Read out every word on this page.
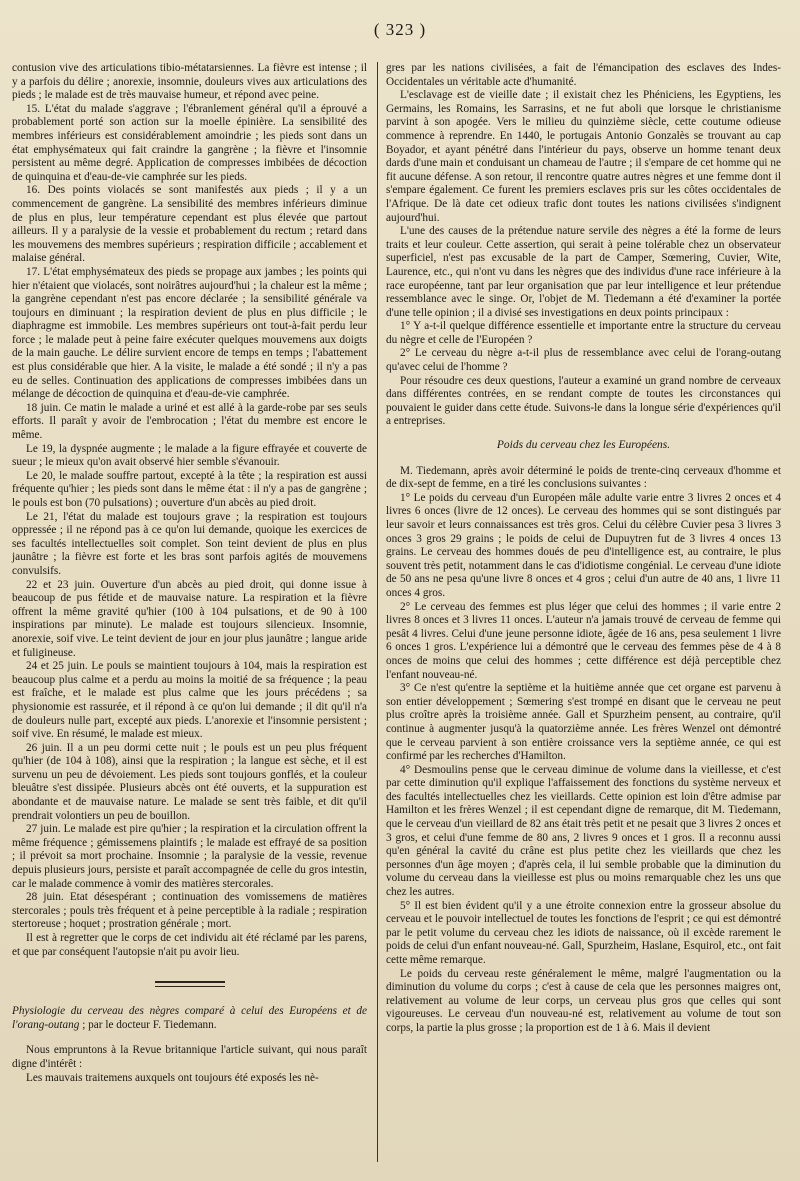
( 323 )

contusion vive des articulations tibio-métatarsiennes. La fièvre est intense ; il y a parfois du délire ; anorexie, insomnie, douleurs vives aux articulations des pieds ; le malade est de très mauvaise humeur, et répond avec peine.

15. L'état du malade s'aggrave ; l'ébranlement général qu'il a éprouvé a probablement porté son action sur la moelle épinière. La sensibilité des membres inférieurs est considérablement amoindrie ; les pieds sont dans un état emphysémateux qui fait craindre la gangrène ; la fièvre et l'insomnie persistent au même degré. Application de compresses imbibées de décoction de quinquina et d'eau-de-vie camphrée sur les pieds.

16. Des points violacés se sont manifestés aux pieds ; il y a un commencement de gangrène. La sensibilité des membres inférieurs diminue de plus en plus, leur température cependant est plus élevée que partout ailleurs. Il y a paralysie de la vessie et probablement du rectum ; retard dans les mouvemens des membres supérieurs ; respiration difficile ; accablement et malaise général.

17. L'état emphysémateux des pieds se propage aux jambes ; les points qui hier n'étaient que violacés, sont noirâtres aujourd'hui ; la chaleur est la même ; la gangrène cependant n'est pas encore déclarée ; la sensibilité générale va toujours en diminuant ; la respiration devient de plus en plus difficile ; le diaphragme est immobile. Les membres supérieurs ont tout-à-fait perdu leur force ; le malade peut à peine faire exécuter quelques mouvemens aux doigts de la main gauche. Le délire survient encore de temps en temps ; l'abattement est plus considérable que hier. A la visite, le malade a été sondé ; il n'y a pas eu de selles. Continuation des applications de compresses imbibées dans un mélange de décoction de quinquina et d'eau-de-vie camphrée.

18 juin. Ce matin le malade a uriné et est allé à la garde-robe par ses seuls efforts. Il paraît y avoir de l'embrocation ; l'état du membre est encore le même.

Le 19, la dyspnée augmente ; le malade a la figure effrayée et couverte de sueur ; le mieux qu'on avait observé hier semble s'évanouir.

Le 20, le malade souffre partout, excepté à la tête ; la respiration est aussi fréquente qu'hier ; les pieds sont dans le même état : il n'y a pas de gangrène ; le pouls est bon (70 pulsations) ; ouverture d'un abcès au pied droit.

Le 21, l'état du malade est toujours grave ; la respiration est toujours oppressée ; il ne répond pas à ce qu'on lui demande, quoique les exercices de ses facultés intellectuelles soit complet. Son teint devient de plus en plus jaunâtre ; la fièvre est forte et les bras sont parfois agités de mouvemens convulsifs.

22 et 23 juin. Ouverture d'un abcès au pied droit, qui donne issue à beaucoup de pus fétide et de mauvaise nature. La respiration et la fièvre offrent la même gravité qu'hier (100 à 104 pulsations, et de 90 à 100 inspirations par minute). Le malade est toujours silencieux. Insomnie, anorexie, soif vive. Le teint devient de jour en jour plus jaunâtre ; langue aride et fuligineuse.

24 et 25 juin. Le pouls se maintient toujours à 104, mais la respiration est beaucoup plus calme et a perdu au moins la moitié de sa fréquence ; la peau est fraîche, et le malade est plus calme que les jours précédens ; sa physionomie est rassurée, et il répond à ce qu'on lui demande ; il dit qu'il n'a de douleurs nulle part, excepté aux pieds. L'anorexie et l'insomnie persistent ; soif vive. En résumé, le malade est mieux.

26 juin. Il a un peu dormi cette nuit ; le pouls est un peu plus fréquent qu'hier (de 104 à 108), ainsi que la respiration ; la langue est sèche, et il est survenu un peu de dévoiement. Les pieds sont toujours gonflés, et la couleur bleuâtre s'est dissipée. Plusieurs abcès ont été ouverts, et la suppuration est abondante et de mauvaise nature. Le malade se sent très faible, et dit qu'il prendrait volontiers un peu de bouillon.

27 juin. Le malade est pire qu'hier ; la respiration et la circulation offrent la même fréquence ; gémissemens plaintifs ; le malade est effrayé de sa position ; il prévoit sa mort prochaine. Insomnie ; la paralysie de la vessie, revenue depuis plusieurs jours, persiste et paraît accompagnée de celle du gros intestin, car le malade commence à vomir des matières stercorales.

28 juin. Etat désespérant ; continuation des vomissemens de matières stercorales ; pouls très fréquent et à peine perceptible à la radiale ; respiration stertoreuse ; hoquet ; prostration générale ; mort.

Il est à regretter que le corps de cet individu ait été réclamé par les parens, et que par conséquent l'autopsie n'ait pu avoir lieu.

Physiologie du cerveau des nègres comparé à celui des Européens et de l'orang-outang ; par le docteur F. Tiedemann.

Nous empruntons à la Revue britannique l'article suivant, qui nous paraît digne d'intérêt :

Les mauvais traitemens auxquels ont toujours été exposés les nè-

gres par les nations civilisées, a fait de l'émancipation des esclaves des Indes-Occidentales un véritable acte d'humanité.

L'esclavage est de vieille date ; il existait chez les Phéniciens, les Egyptiens, les Germains, les Romains, les Sarrasins, et ne fut aboli que lorsque le christianisme parvint à son apogée. Vers le milieu du quinzième siècle, cette coutume odieuse commence à reprendre. En 1440, le portugais Antonio Gonzalès se trouvant au cap Boyador, et ayant pénétré dans l'intérieur du pays, observe un homme tenant deux dards d'une main et conduisant un chameau de l'autre ; il s'empare de cet homme qui ne fit aucune défense. A son retour, il rencontre quatre autres nègres et une femme dont il s'empare également. Ce furent les premiers esclaves pris sur les côtes occidentales de l'Afrique. De là date cet odieux trafic dont toutes les nations civilisées s'indignent aujourd'hui.

L'une des causes de la prétendue nature servile des nègres a été la forme de leurs traits et leur couleur. Cette assertion, qui serait à peine tolérable chez un observateur superficiel, n'est pas excusable de la part de Camper, Sœmering, Cuvier, Wite, Laurence, etc., qui n'ont vu dans les nègres que des individus d'une race inférieure à la race européenne, tant par leur organisation que par leur intelligence et leur prétendue ressemblance avec le singe. Or, l'objet de M. Tiedemann a été d'examiner la portée d'une telle opinion ; il a divisé ses investigations en deux points principaux :

1° Y a-t-il quelque différence essentielle et importante entre la structure du cerveau du nègre et celle de l'Européen ?

2° Le cerveau du nègre a-t-il plus de ressemblance avec celui de l'orang-outang qu'avec celui de l'homme ?

Pour résoudre ces deux questions, l'auteur a examiné un grand nombre de cerveaux dans différentes contrées, en se rendant compte de toutes les circonstances qui pouvaient le guider dans cette étude. Suivons-le dans la longue série d'expériences qu'il a entreprises.

Poids du cerveau chez les Européens.

M. Tiedemann, après avoir déterminé le poids de trente-cinq cerveaux d'homme et de dix-sept de femme, en a tiré les conclusions suivantes :

1° Le poids du cerveau d'un Européen mâle adulte varie entre 3 livres 2 onces et 4 livres 6 onces (livre de 12 onces). Le cerveau des hommes qui se sont distingués par leur savoir et leurs connaissances est très gros. Celui du célèbre Cuvier pesa 3 livres 3 onces 3 gros 29 grains ; le poids de celui de Dupuytren fut de 3 livres 4 onces 13 grains. Le cerveau des hommes doués de peu d'intelligence est, au contraire, le plus souvent très petit, notamment dans le cas d'idiotisme congénial. Le cerveau d'une idiote de 50 ans ne pesa qu'une livre 8 onces et 4 gros ; celui d'un autre de 40 ans, 1 livre 11 onces 4 gros.

2° Le cerveau des femmes est plus léger que celui des hommes ; il varie entre 2 livres 8 onces et 3 livres 11 onces. L'auteur n'a jamais trouvé de cerveau de femme qui pesât 4 livres. Celui d'une jeune personne idiote, âgée de 16 ans, pesa seulement 1 livre 6 onces 1 gros. L'expérience lui a démontré que le cerveau des femmes pèse de 4 à 8 onces de moins que celui des hommes ; cette différence est déjà perceptible chez l'enfant nouveau-né.

3° Ce n'est qu'entre la septième et la huitième année que cet organe est parvenu à son entier développement ; Sœmering s'est trompé en disant que le cerveau ne peut plus croître après la troisième année. Gall et Spurzheim pensent, au contraire, qu'il continue à augmenter jusqu'à la quatorzième année. Les frères Wenzel ont démontré que le cerveau parvient à son entière croissance vers la septième année, ce qui est confirmé par les recherches d'Hamilton.

4° Desmoulins pense que le cerveau diminue de volume dans la vieillesse, et c'est par cette diminution qu'il explique l'affaissement des fonctions du système nerveux et des facultés intellectuelles chez les vieillards. Cette opinion est loin d'être admise par Hamilton et les frères Wenzel ; il est cependant digne de remarque, dit M. Tiedemann, que le cerveau d'un vieillard de 82 ans était très petit et ne pesait que 3 livres 2 onces et 3 gros, et celui d'une femme de 80 ans, 2 livres 9 onces et 1 gros. Il a reconnu aussi qu'en général la cavité du crâne est plus petite chez les vieillards que chez les personnes d'un âge moyen ; d'après cela, il lui semble probable que la diminution du volume du cerveau dans la vieillesse est plus ou moins remarquable chez les uns que chez les autres.

5° Il est bien évident qu'il y a une étroite connexion entre la grosseur absolue du cerveau et le pouvoir intellectuel de toutes les fonctions de l'esprit ; ce qui est démontré par le petit volume du cerveau chez les idiots de naissance, où il excède rarement le poids de celui d'un enfant nouveau-né. Gall, Spurzheim, Haslane, Esquirol, etc., ont fait cette même remarque.

Le poids du cerveau reste généralement le même, malgré l'augmentation ou la diminution du volume du corps ; c'est à cause de cela que les personnes maigres ont, relativement au volume de leur corps, un cerveau plus gros que celles qui sont vigoureuses. Le cerveau d'un nouveau-né est, relativement au volume de tout son corps, la partie la plus grosse ; la proportion est de 1 à 6. Mais il devient
